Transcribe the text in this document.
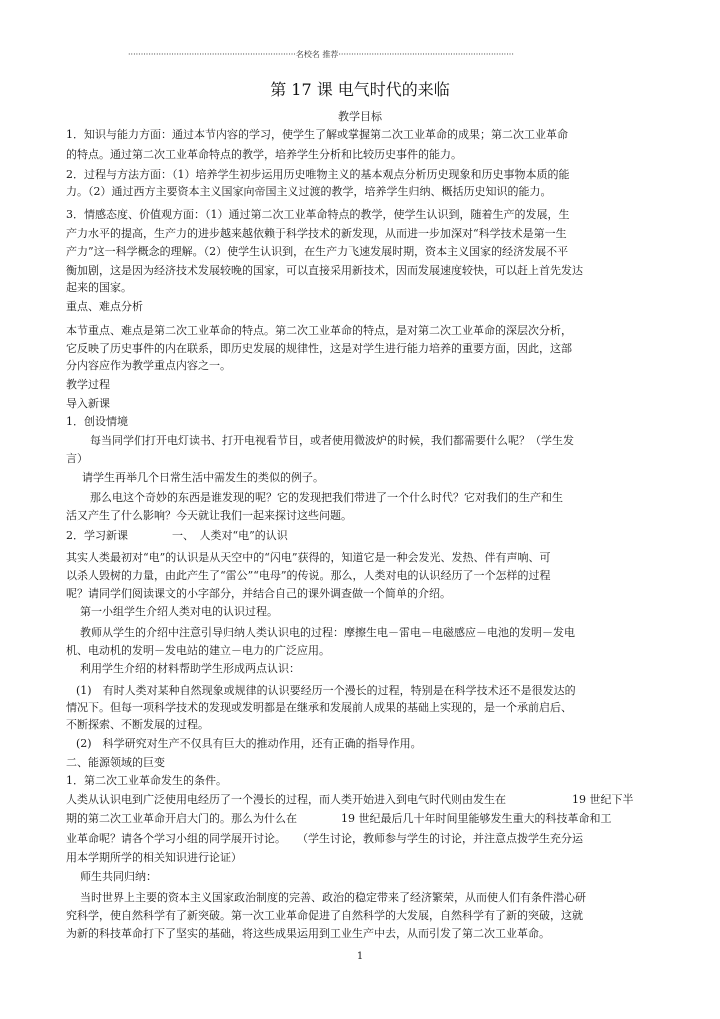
··································································名校名 推荐·····································································
第 17 课 电气时代的来临
教学目标
1．知识与能力方面：通过本节内容的学习，使学生了解或掌握第二次工业革命的成果；第二次工业革命
的特点。通过第二次工业革命特点的教学，培养学生分析和比较历史事件的能力。
2．过程与方法方面：（1）培养学生初步运用历史唯物主义的基本观点分析历史现象和历史事物本质的能
力。（2）通过西方主要资本主义国家向帝国主义过渡的教学，培养学生归纳、概括历史知识的能力。
3．情感态度、价值观方面：（1）通过第二次工业革命特点的教学，使学生认识到，随着生产的发展，生
产力水平的提高，生产力的进步越来越依赖于科学技术的新发现，从而进一步加深对“科学技术是第一生
产力”这一科学概念的理解。（2）使学生认识到，在生产力飞速发展时期，资本主义国家的经济发展不平
衡加剧，这是因为经济技术发展较晚的国家，可以直接采用新技术，因而发展速度较快，可以赶上首先发达
起来的国家。
重点、难点分析
本节重点、难点是第二次工业革命的特点。第二次工业革命的特点，是对第二次工业革命的深层次分析，
它反映了历史事件的内在联系，即历史发展的规律性，这是对学生进行能力培养的重要方面，因此，这部
分内容应作为教学重点内容之一。
教学过程
导入新课
1．创设情境
每当同学们打开电灯读书、打开电视看节目，或者使用微波炉的时候，我们都需要什么呢？（学生发
言）
请学生再举几个日常生活中需发生的类似的例子。
那么电这个奇妙的东西是谁发现的呢？它的发现把我们带进了一个什么时代？它对我们的生产和生
活又产生了什么影响？今天就让我们一起来探讨这些问题。
2．学习新课　　　　一、　人类对“电”的认识
其实人类最初对“电”的认识是从天空中的“闪电”获得的，知道它是一种会发光、发热、伴有声响、可
以杀人毁树的力量，由此产生了“雷公”“电母”的传说。那么，人类对电的认识经历了一个怎样的过程
呢？请同学们阅读课文的小字部分，并结合自己的课外调查做一个简单的介绍。
第一小组学生介绍人类对电的认识过程。
教师从学生的介绍中注意引导归纳人类认识电的过程：摩擦生电－雷电－电磁感应－电池的发明－发电
机、电动机的发明－发电站的建立－电力的广泛应用。
利用学生介绍的材料帮助学生形成两点认识：
(1)　有时人类对某种自然现象或规律的认识要经历一个漫长的过程，特别是在科学技术还不是很发达的
情况下。但每一项科学技术的发现或发明都是在继承和发展前人成果的基础上实现的，是一个承前启后、
不断探索、不断发展的过程。
(2)　科学研究对生产不仅具有巨大的推动作用，还有正确的指导作用。
二、能源领域的巨变
1．第二次工业革命发生的条件。
人类从认识电到广泛使用电经历了一个漫长的过程，而人类开始进入到电气时代则由发生在　　　　　　19 世纪下半
期的第二次工业革命开启大门的。那么为什么在　　　　19 世纪最后几十年时间里能够发生重大的科技革命和工
业革命呢？请各个学习小组的同学展开讨论。　　（学生讨论，教师参与学生的讨论，并注意点拨学生充分运
用本学期所学的相关知识进行论证）
师生共同归纳：
当时世界上主要的资本主义国家政治制度的完善、政治的稳定带来了经济繁荣，从而使人们有条件潜心研
究科学，使自然科学有了新突破。第一次工业革命促进了自然科学的大发展，自然科学有了新的突破，这就
为新的科技革命打下了坚实的基础，将这些成果运用到工业生产中去，从而引发了第二次工业革命。
1
